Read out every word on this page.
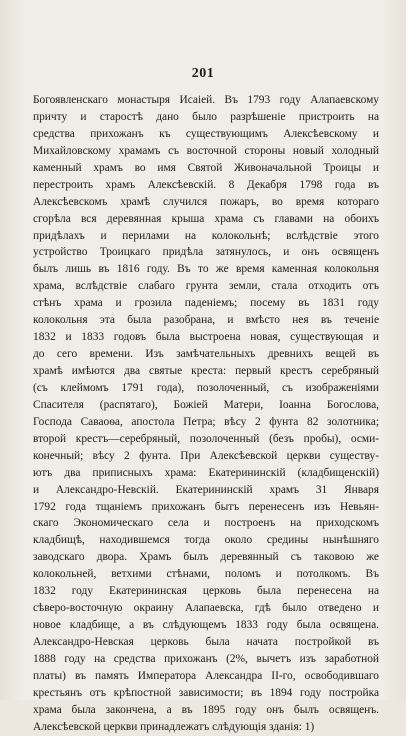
201
Богоявленскаго монастыря Исаіей. Въ 1793 году Алапаевскому
причту и старостѣ дано было разрѣшеніе пристроить на
средства прихожанъ къ существующимъ Алексѣевскому и
Михайловскому храмамъ съ восточной стороны новый холодный
каменный храмъ во имя Святой Живоначальной Троицы и
перестроить храмъ Алексѣевскій. 8 Декабря 1798 года въ
Алексѣевскомъ храмѣ случился пожаръ, во время котораго
сгорѣла вся деревянная крыша храма съ главами на обоихъ
придѣлахъ и перилами на колокольнѣ; вслѣдствіе этого
устройство Троицкаго придѣла затянулось, и онъ освященъ
былъ лишь въ 1816 году. Въ то же время каменная колокольня
храма, вслѣдствіе слабаго грунта земли, стала отходить отъ
стѣнъ храма и грозила паденіемъ; посему въ 1831 году
колокольня эта была разобрана, и вмѣсто нея въ теченіе
1832 и 1833 годовъ была выстроена новая, существующая и
до сего времени. Изъ замѣчательныхъ древнихъ вещей въ
храмѣ имѣются два святые креста: первый крестъ серебряный
(съ клеймомъ 1791 года), позолоченный, съ изображеніями
Спасителя (распятаго), Божіей Матери, Іоанна Богослова,
Господа Саваоѳа, апостола Петра; вѣсу 2 фунта 82 золотника;
второй крестъ—серебряный, позолоченный (безъ пробы), осми-
конечный; вѣсу 2 фунта. При Алексѣевской церкви существу-
ютъ два приписныхъ храма: Екатерининскій (кладбищенскій)
и Александро-Невскій. Екатерининскій храмъ 31 Января
1792 года тщаніемъ прихожанъ бытъ перенесенъ изъ Невьян-
скаго Экономическаго села и построенъ на приходскомъ
кладбищѣ, находившемся тогда около средины нынѣшняго
заводскаго двора. Храмъ былъ деревянный съ таковою же
колокольней, ветхими стѣнами, поломъ и потолкомъ. Въ
1832 году Екатерининская церковь была перенесена на
сѣверо-восточную окраину Алапаевска, гдѣ было отведено и
новое кладбище, а въ слѣдующемъ 1833 году была освящена.
Александро-Невская церковь была начата постройкой въ
1888 году на средства прихожанъ (2%, вычетъ изъ заработной
платы) въ память Императора Александра II-го, освободившаго
крестьянъ отъ крѣпостной зависимости; въ 1894 году постройка
храма была закончена, а въ 1895 году онъ былъ освященъ.
Алексѣевской церкви принадлежатъ слѣдующія зданія: 1)
